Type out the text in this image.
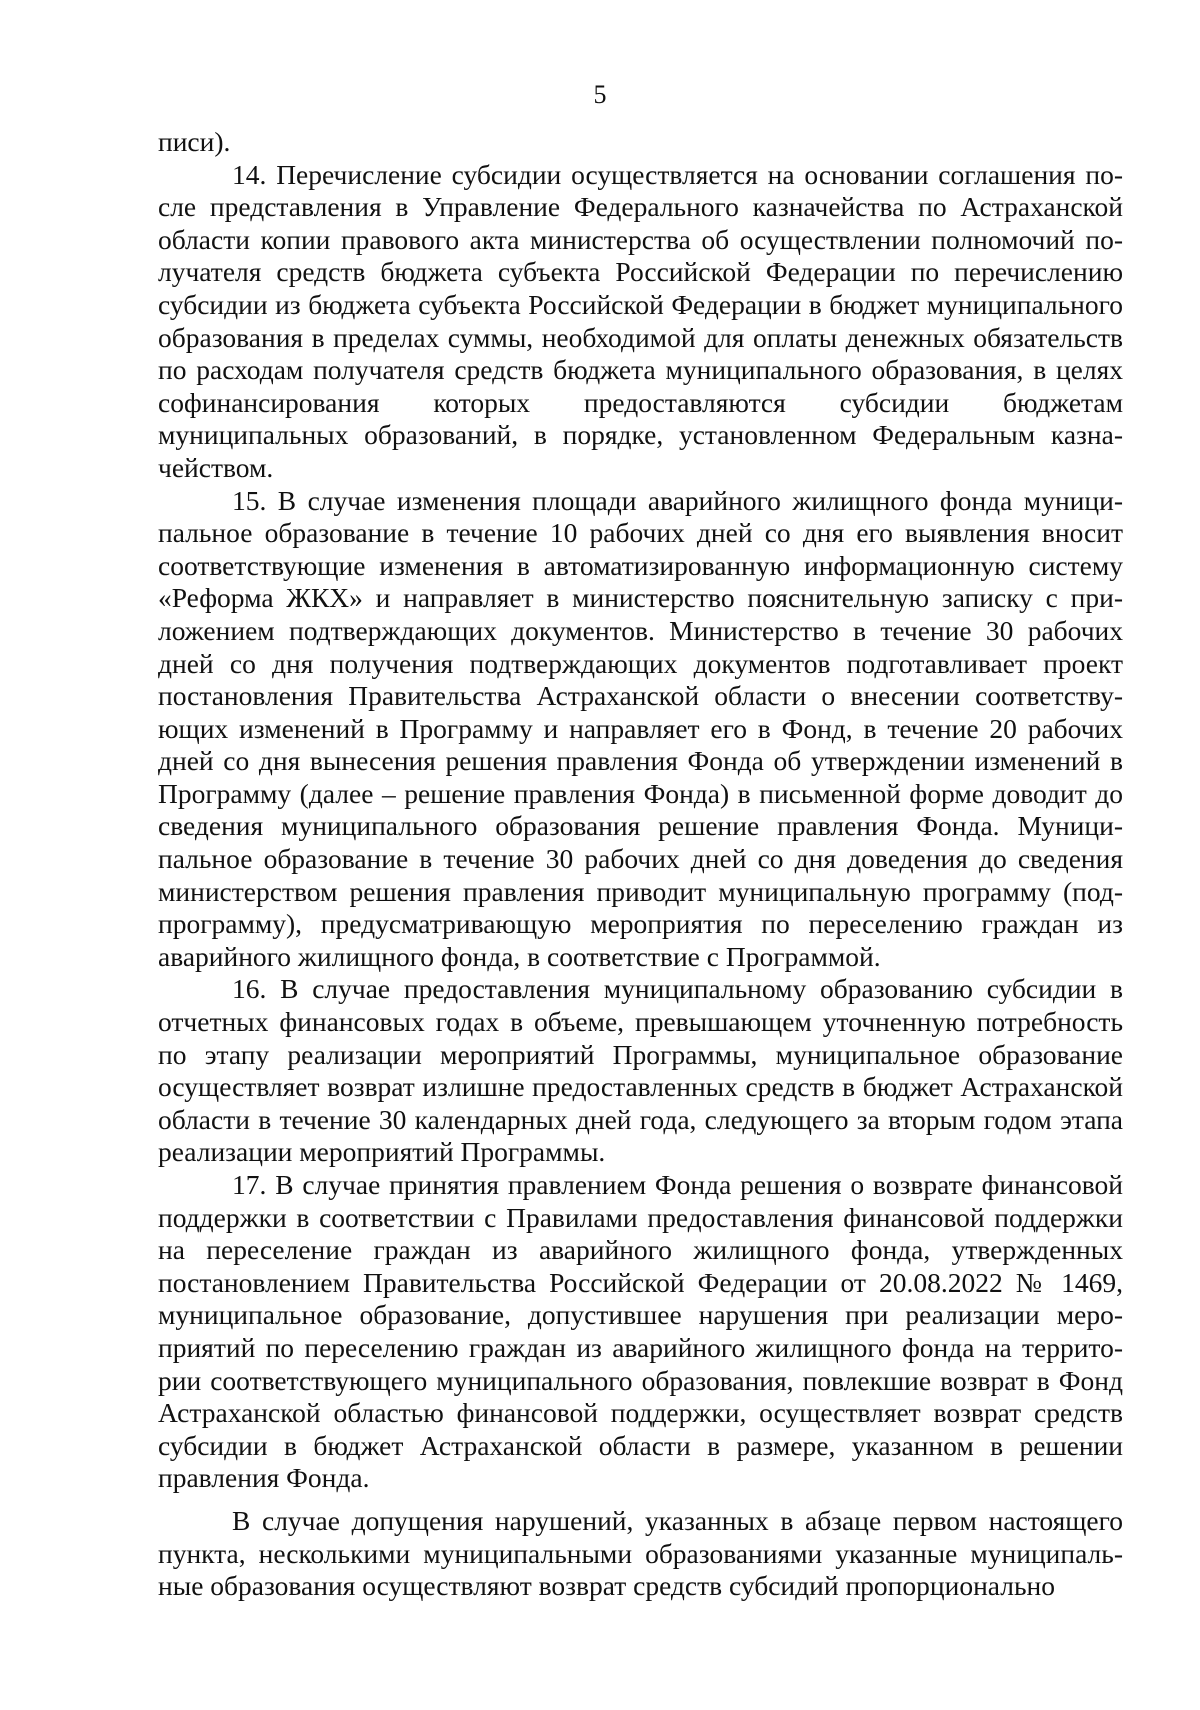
5

писи).

14. Перечисление субсидии осуществляется на основании соглашения после представления в Управление Федерального казначейства по Астраханской области копии правового акта министерства об осуществлении полномочий получателя средств бюджета субъекта Российской Федерации по перечислению субсидии из бюджета субъекта Российской Федерации в бюджет муниципального образования в пределах суммы, необходимой для оплаты денежных обязательств по расходам получателя средств бюджета муниципального образования, в целях софинансирования которых предоставляются субсидии бюджетам муниципальных образований, в порядке, установленном Федеральным казначейством.

15. В случае изменения площади аварийного жилищного фонда муниципальное образование в течение 10 рабочих дней со дня его выявления вносит соответствующие изменения в автоматизированную информационную систему «Реформа ЖКХ» и направляет в министерство пояснительную записку с приложением подтверждающих документов. Министерство в течение 30 рабочих дней со дня получения подтверждающих документов подготавливает проект постановления Правительства Астраханской области о внесении соответствующих изменений в Программу и направляет его в Фонд, в течение 20 рабочих дней со дня вынесения решения правления Фонда об утверждении изменений в Программу (далее – решение правления Фонда) в письменной форме доводит до сведения муниципального образования решение правления Фонда. Муниципальное образование в течение 30 рабочих дней со дня доведения до сведения министерством решения правления приводит муниципальную программу (подпрограмму), предусматривающую мероприятия по переселению граждан из аварийного жилищного фонда, в соответствие с Программой.

16. В случае предоставления муниципальному образованию субсидии в отчетных финансовых годах в объеме, превышающем уточненную потребность по этапу реализации мероприятий Программы, муниципальное образование осуществляет возврат излишне предоставленных средств в бюджет Астраханской области в течение 30 календарных дней года, следующего за вторым годом этапа реализации мероприятий Программы.

17. В случае принятия правлением Фонда решения о возврате финансовой поддержки в соответствии с Правилами предоставления финансовой поддержки на переселение граждан из аварийного жилищного фонда, утвержденных постановлением Правительства Российской Федерации от 20.08.2022 № 1469, муниципальное образование, допустившее нарушения при реализации мероприятий по переселению граждан из аварийного жилищного фонда на территории соответствующего муниципального образования, повлекшие возврат в Фонд Астраханской областью финансовой поддержки, осуществляет возврат средств субсидии в бюджет Астраханской области в размере, указанном в решении правления Фонда.

В случае допущения нарушений, указанных в абзаце первом настоящего пункта, несколькими муниципальными образованиями указанные муниципальные образования осуществляют возврат средств субсидий пропорционально
